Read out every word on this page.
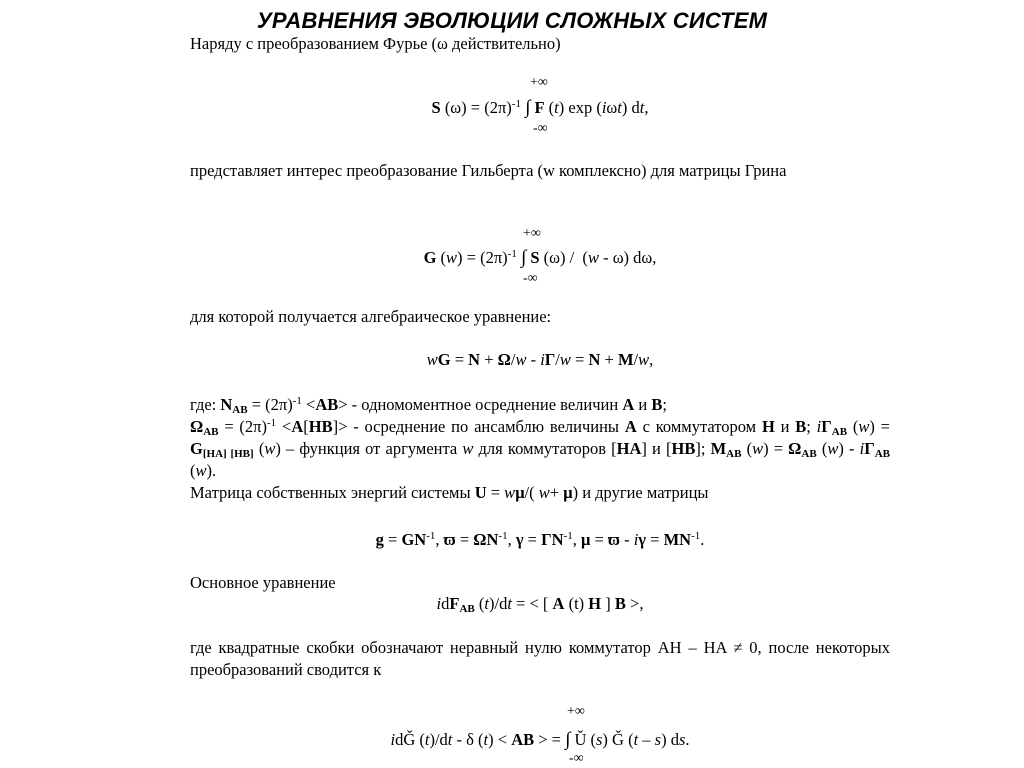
УРАВНЕНИЯ ЭВОЛЮЦИИ СЛОЖНЫХ СИСТЕМ
Наряду с преобразованием Фурье (ω действительно)
+∞
S $(\omega) = (2\pi)^{-1}$ ∫ F (t) exp (iωt) dt,
-∞
представляет интерес преобразование Гильберта (w комплексно) для матрицы Грина
+∞
G $(w) = (2\pi)^{-1}$ ∫ S (ω) /  (w - ω) dω,
-∞
для которой получается алгебраическое уравнение:
wG = N + Ω/w - iΓ/w = N + M/w,
где: $N_{AB} = (2\pi)^{-1} <AB>$ - одномоментное осреднение величин A и B;
$\Omega_{AB} = (2\pi)^{-1} <A[HB]>$ - осреднение по ансамблю величины A с коммутатором H и B; $i\Gamma_{AB}$ $(w) = G_{[HA] [HB]}$ (w) – функция от аргумента w для коммутаторов [HA] и [HB]; $M_{AB}$ $(w) = \Omega_{AB}$ $(w) - i\Gamma_{AB}$ (w).
Матрица собственных энергий системы U = wμ/( w+ μ) и другие матрицы
$g = GN^{-1}$, $ϖ = \Omega N^{-1}$, $\gamma = \Gamma N^{-1}$, $\mu = ϖ - i\gamma = MN^{-1}$.
Основное уравнение
idF$_{AB}$ (t)/dt = < [ A (t) H ] B >,
где квадратные скобки обозначают неравный нулю коммутатор AH – HA ≠ 0, после некоторых преобразований сводится к
+∞
idǦ (t)/dt - δ (t) < AB > = ∫ Ǔ (s) Ǧ (t – s) ds.
-∞
